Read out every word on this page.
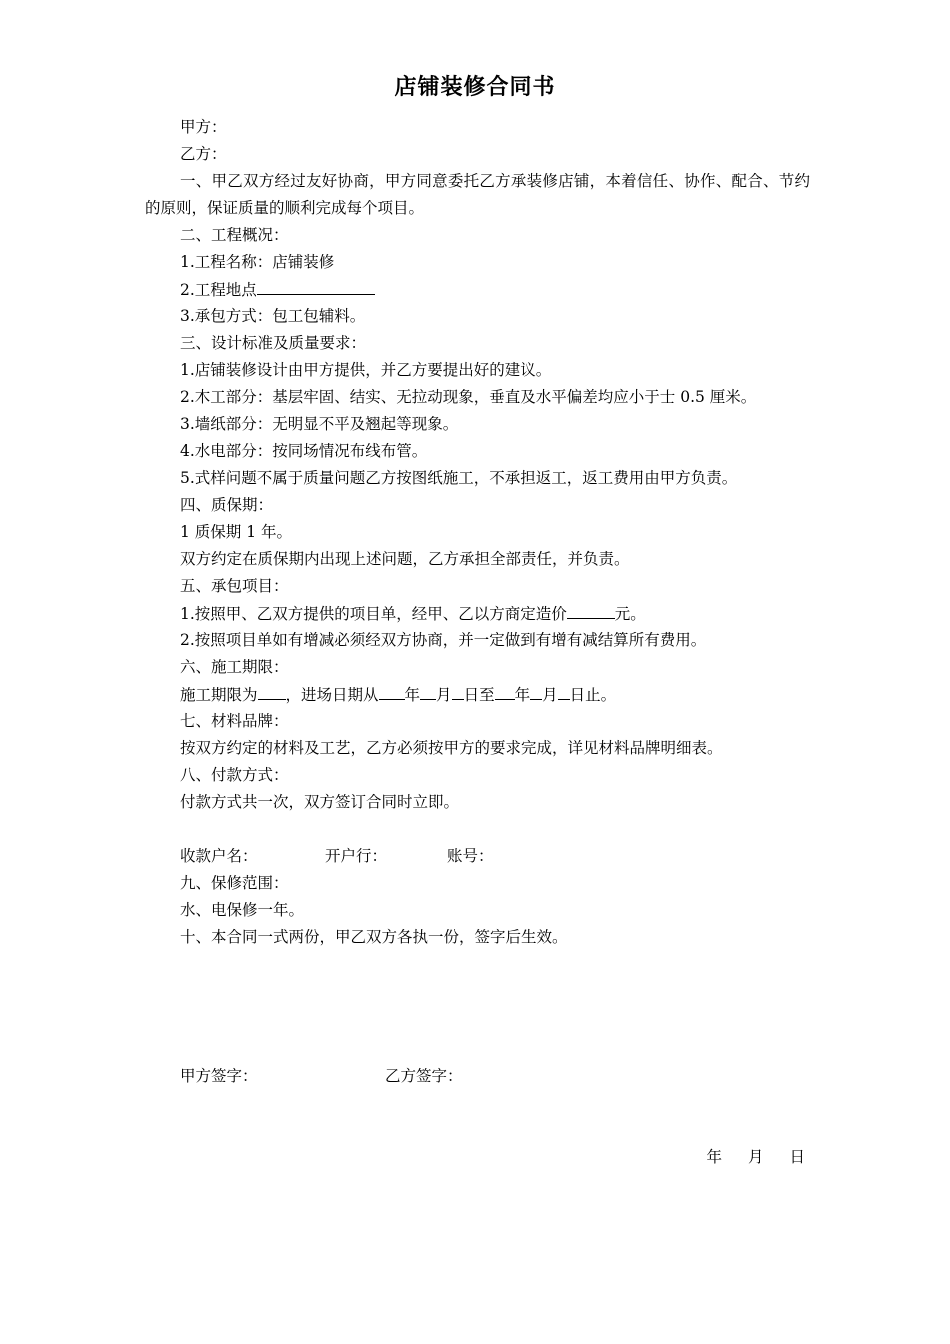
店铺装修合同书
甲方：
乙方：
一、甲乙双方经过友好协商，甲方同意委托乙方承装修店铺，本着信任、协作、配合、节约的原则，保证质量的顺利完成每个项目。
二、工程概况：
1.工程名称：店铺装修
2.工程地点
3.承包方式：包工包辅料。
三、设计标准及质量要求：
1.店铺装修设计由甲方提供，并乙方要提出好的建议。
2.木工部分：基层牢固、结实、无拉动现象，垂直及水平偏差均应小于士 0.5 厘米。
3.墙纸部分：无明显不平及翘起等现象。
4.水电部分：按同场情况布线布管。
5.式样问题不属于质量问题乙方按图纸施工，不承担返工，返工费用由甲方负责。
四、质保期：
1 质保期 1 年。
双方约定在质保期内出现上述问题，乙方承担全部责任，并负责。
五、承包项目：
1.按照甲、乙双方提供的项目单，经甲、乙以方商定造价	元。
2.按照项目单如有增减必须经双方协商，并一定做到有增有减结算所有费用。
六、施工期限：
施工期限为 ，进场日期从 年 月 日至 年 月 日止。
七、材料品牌：
按双方约定的材料及工艺，乙方必须按甲方的要求完成，详见材料品牌明细表。
八、付款方式：
付款方式共一次，双方签订合同时立即。
收款户名：	开户行：	账号：
九、保修范围：
水、电保修一年。
十、本合同一式两份，甲乙双方各执一份，签字后生效。
甲方签字：	乙方签字：
年 月 日
